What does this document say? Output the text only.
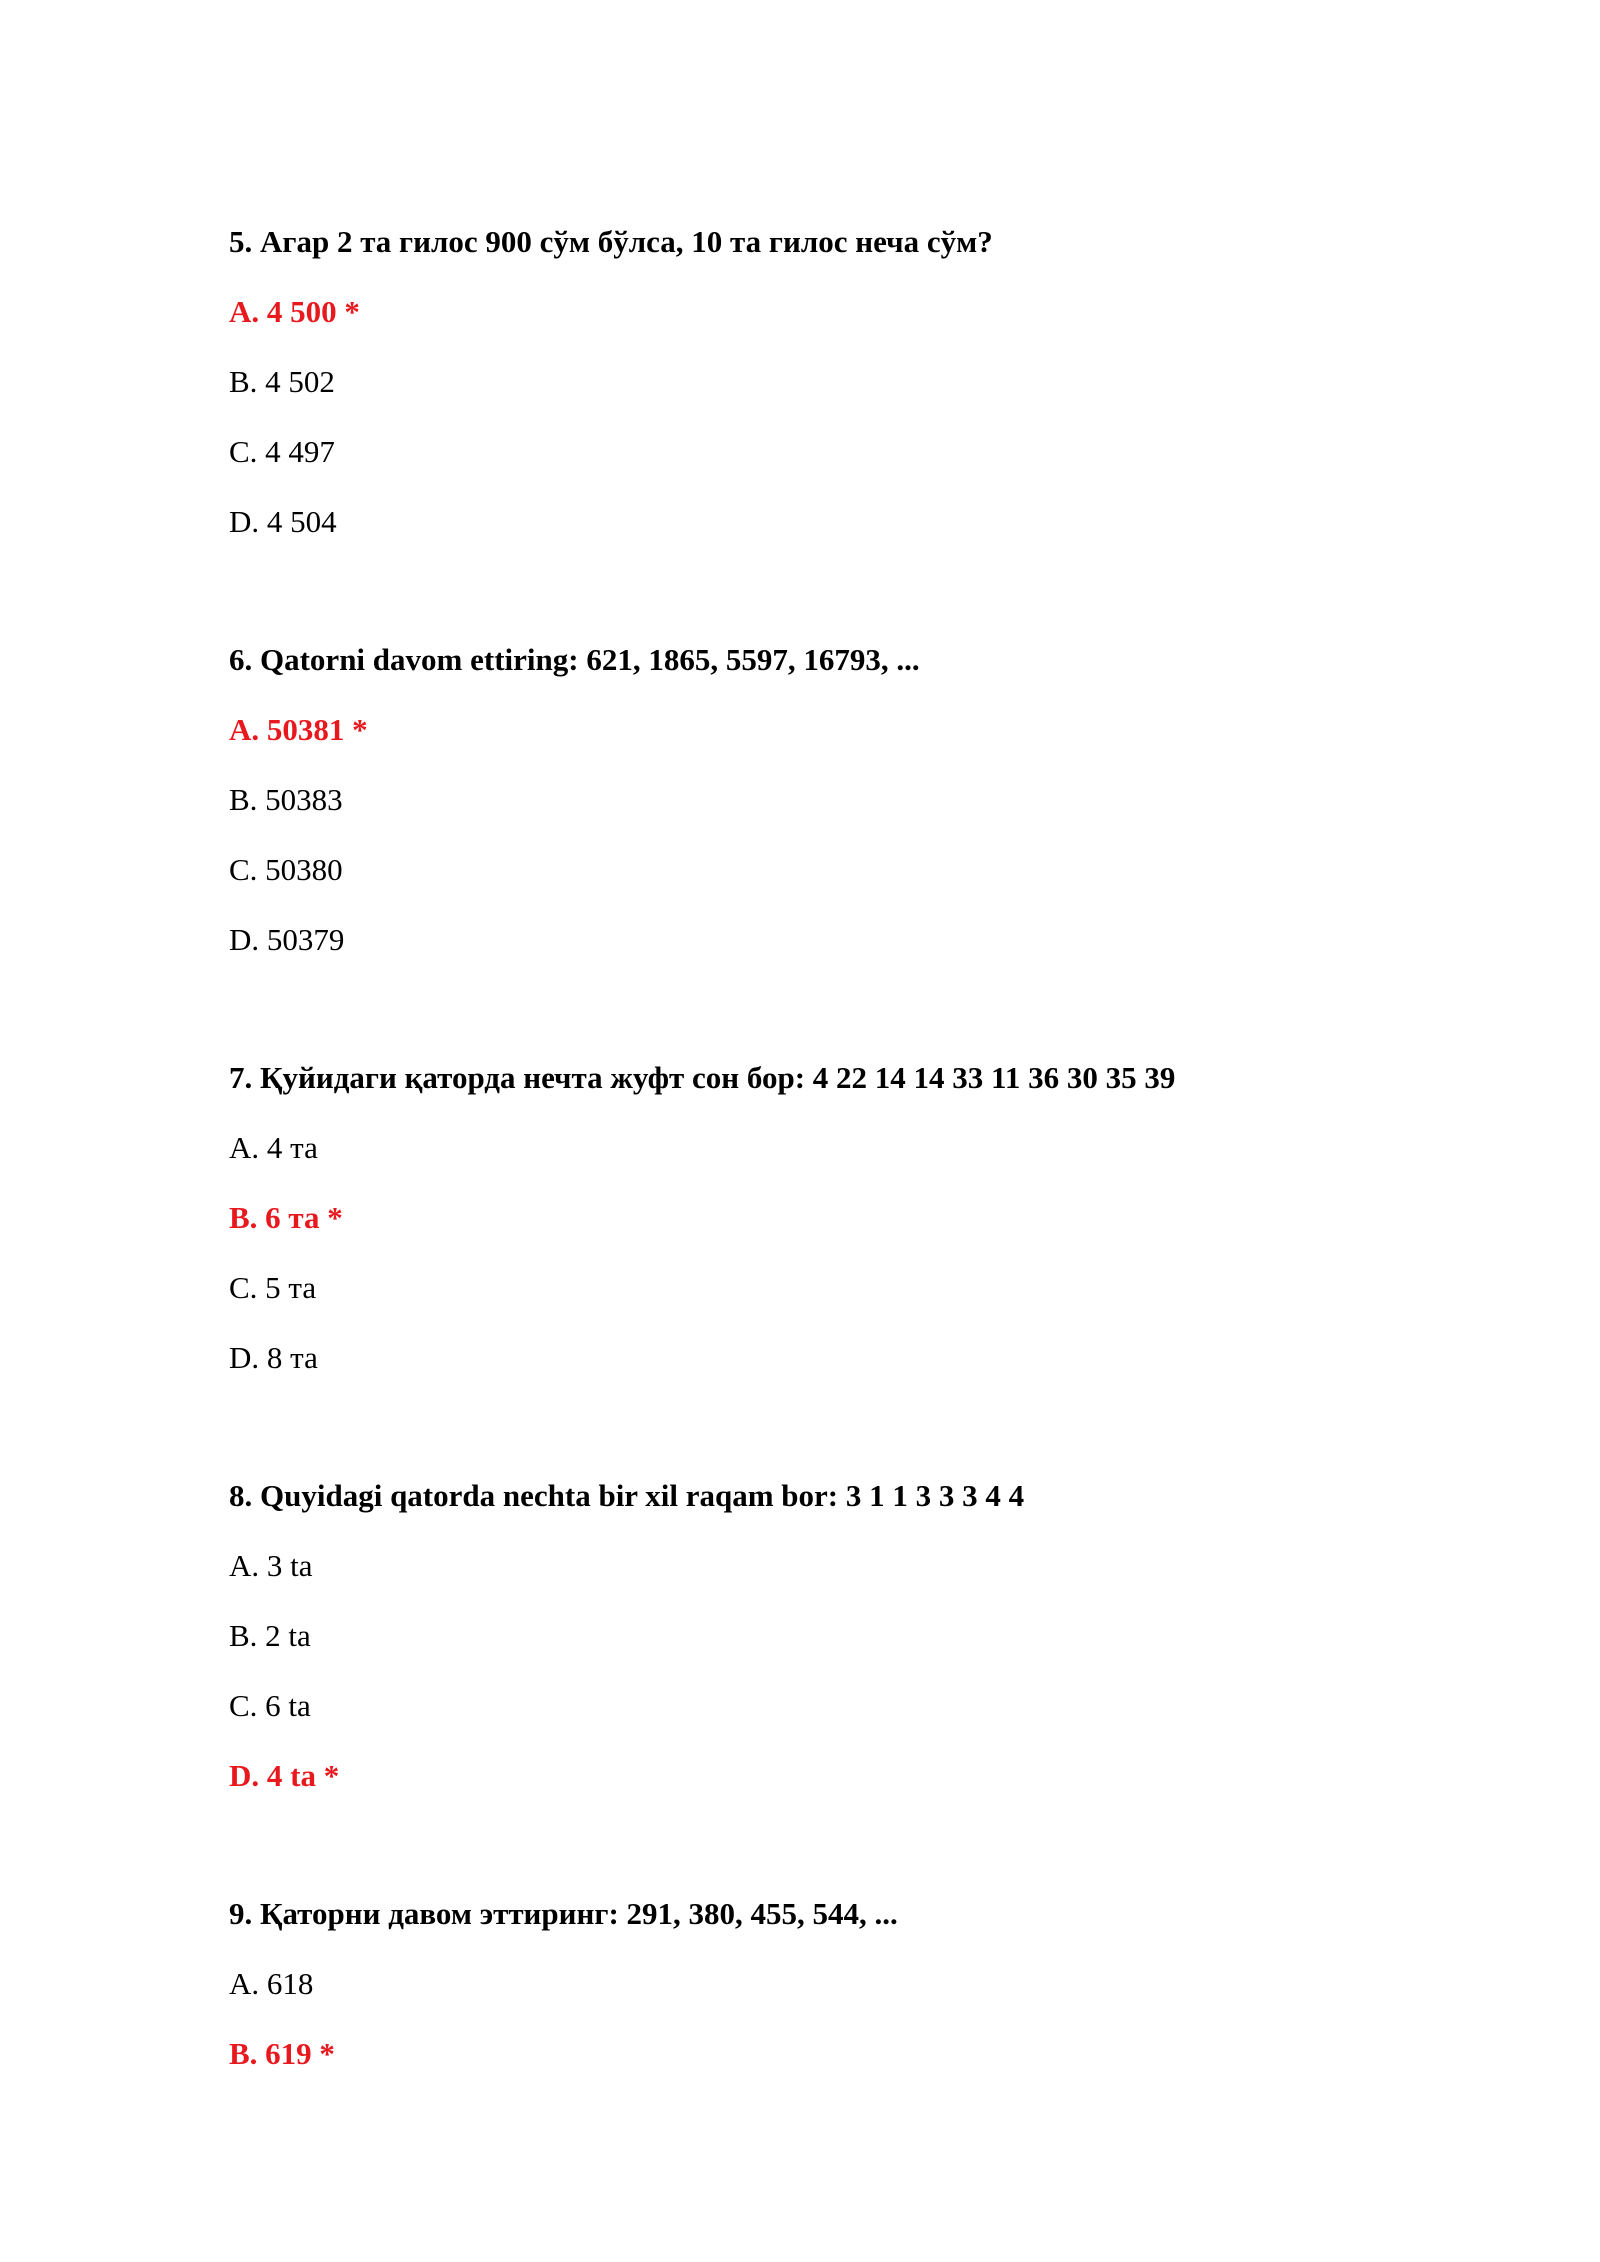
5. Агар 2 та гилос 900 сўм бўлса, 10 та гилос неча сўм?
A. 4 500 *
B. 4 502
C. 4 497
D. 4 504
6. Qatorni davom ettiring: 621, 1865, 5597, 16793, ...
A. 50381 *
B. 50383
C. 50380
D. 50379
7. Қуйидаги қаторда нечта жуфт сон бор: 4 22 14 14 33 11 36 30 35 39
A. 4 та
B. 6 та *
C. 5 та
D. 8 та
8. Quyidagi qatorda nechta bir xil raqam bor: 3 1 1 3 3 3 4 4
A. 3 ta
B. 2 ta
C. 6 ta
D. 4 ta *
9. Қаторни давом эттиринг: 291, 380, 455, 544, ...
A. 618
B. 619 *
